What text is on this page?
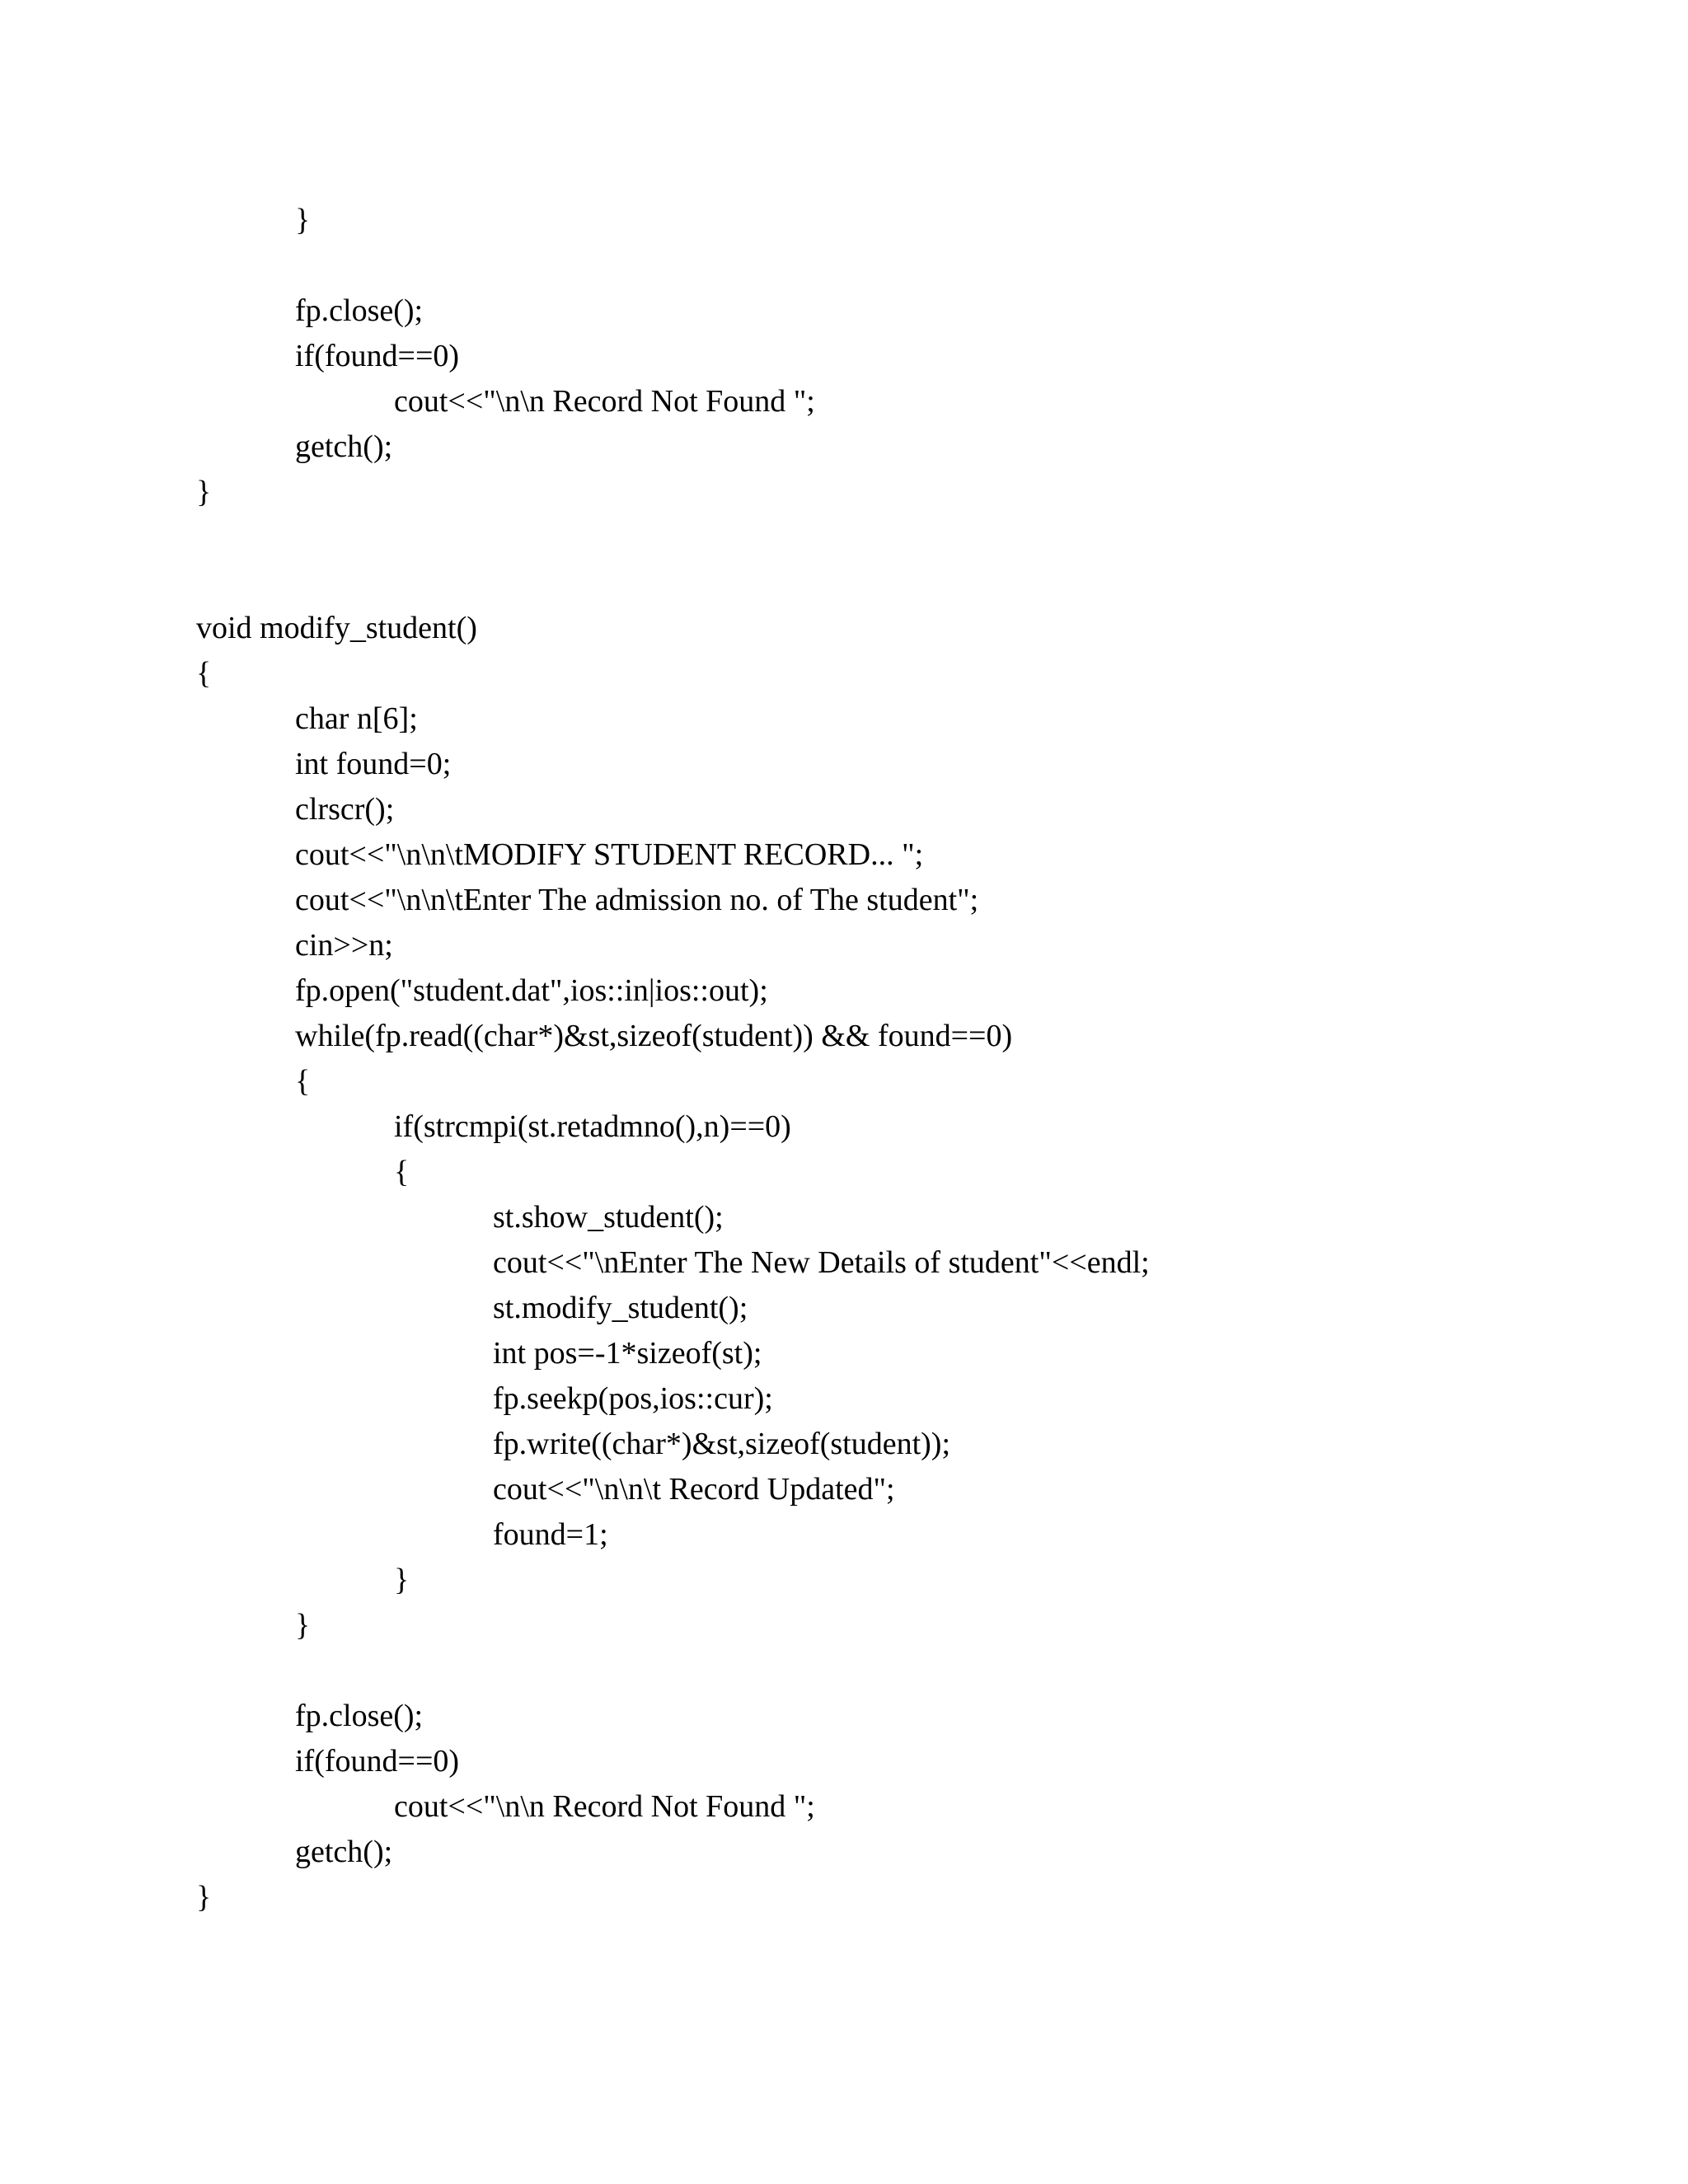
}
fp.close();
if(found==0)
cout<<"\n\n Record Not Found ";
getch();
}
void modify_student()
{
char n[6];
int found=0;
clrscr();
cout<<"\n\n\tMODIFY STUDENT RECORD... ";
cout<<"\n\n\tEnter The admission no. of The student";
cin>>n;
fp.open("student.dat",ios::in|ios::out);
while(fp.read((char*)&st,sizeof(student)) && found==0)
{
if(strcmpi(st.retadmno(),n)==0)
{
st.show_student();
cout<<"\nEnter The New Details of student"<<endl;
st.modify_student();
int pos=-1*sizeof(st);
fp.seekp(pos,ios::cur);
fp.write((char*)&st,sizeof(student));
cout<<"\n\n\t Record Updated";
found=1;
}
}
fp.close();
if(found==0)
cout<<"\n\n Record Not Found ";
getch();
}
